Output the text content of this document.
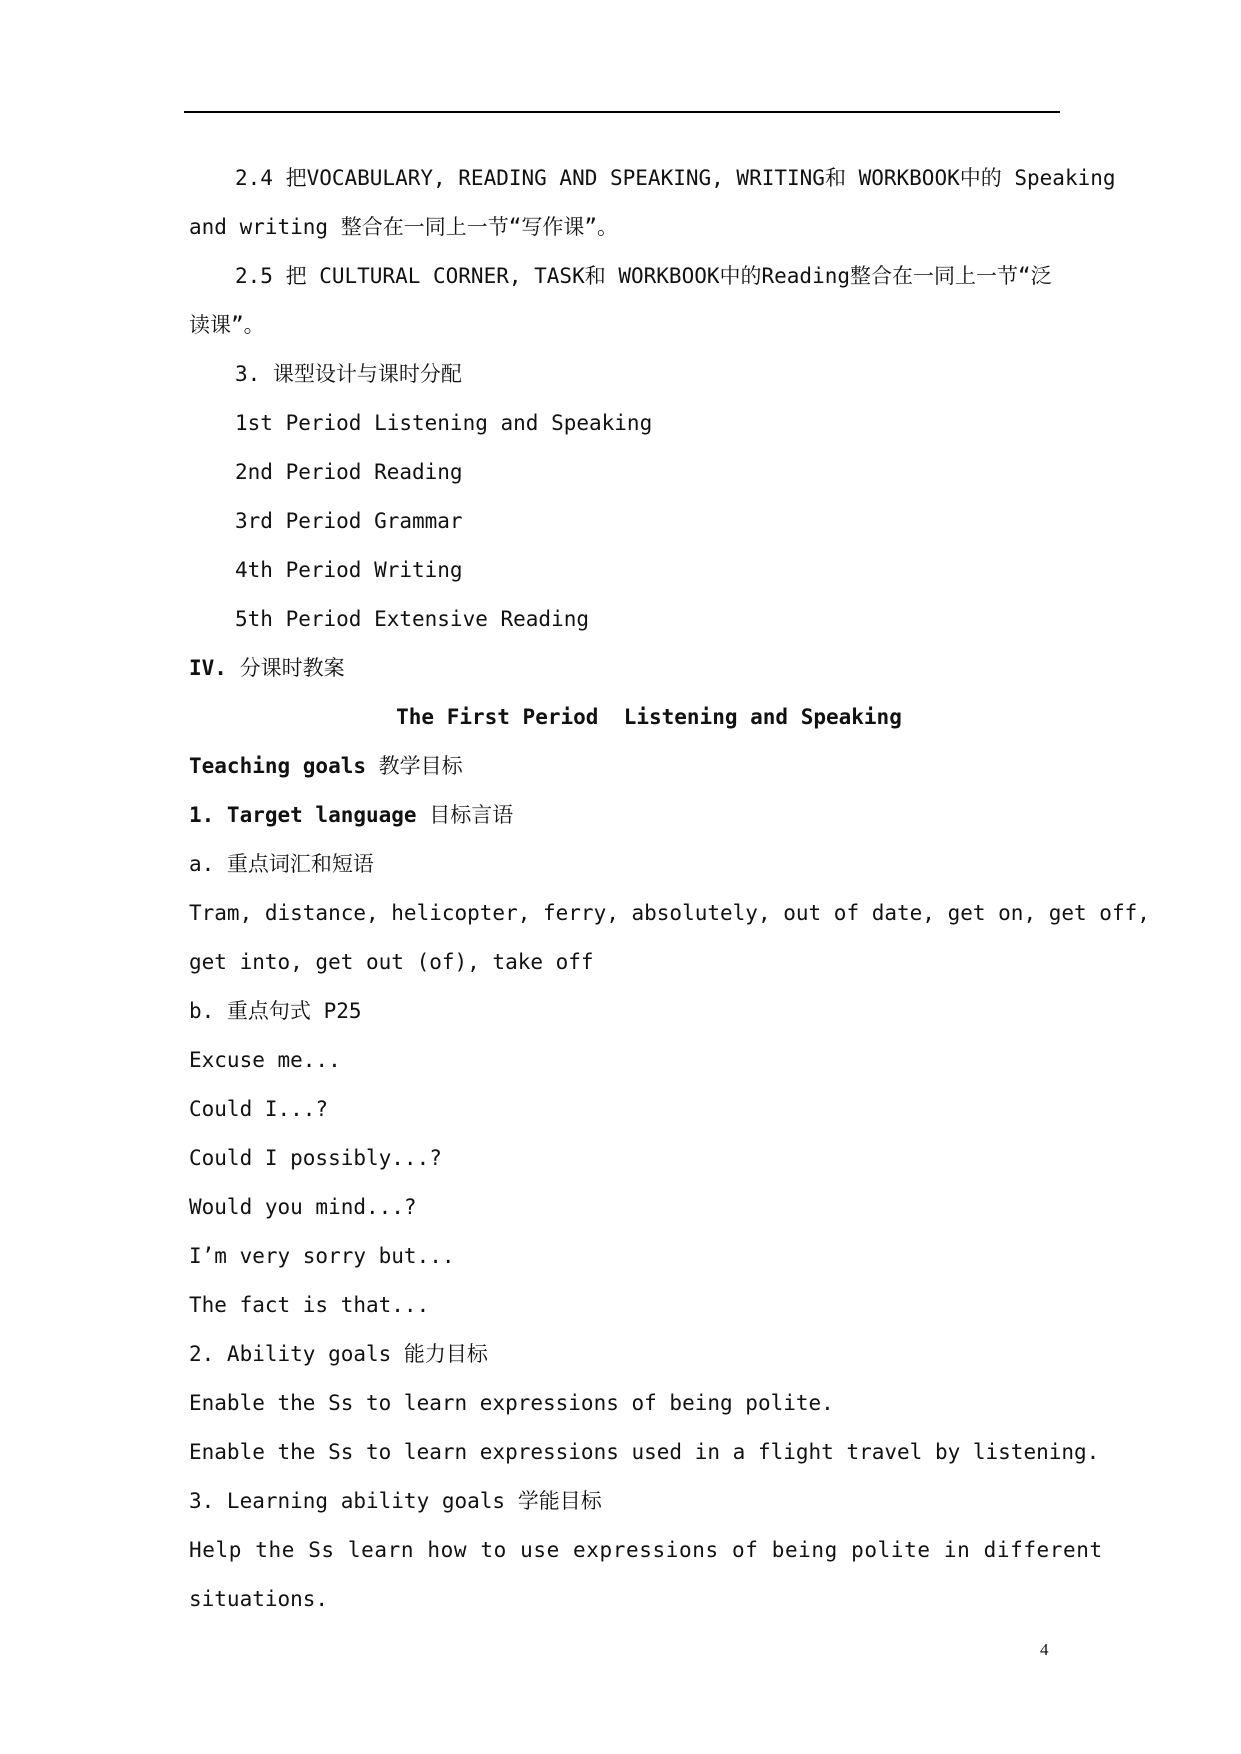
2.4 把VOCABULARY, READING AND SPEAKING, WRITING和 WORKBOOK中的 Speaking
and writing 整合在一同上一节“写作课”。
2.5 把 CULTURAL CORNER, TASK和 WORKBOOK中的Reading整合在一同上一节“泛
读课”。
3. 课型设计与课时分配
1st Period Listening and Speaking
2nd Period Reading
3rd Period Grammar
4th Period Writing
5th Period Extensive Reading
IV. 分课时教案
The First Period  Listening and Speaking
Teaching goals 教学目标
1. Target language 目标言语
a. 重点词汇和短语
Tram, distance, helicopter, ferry, absolutely, out of date, get on, get off,
get into, get out (of), take off
b. 重点句式 P25
Excuse me...
Could I...?
Could I possibly...?
Would you mind...?
I’m very sorry but...
The fact is that...
2. Ability goals 能力目标
Enable the Ss to learn expressions of being polite.
Enable the Ss to learn expressions used in a flight travel by listening.
3. Learning ability goals 学能目标
Help the Ss learn how to use expressions of being polite in different
situations.
4
